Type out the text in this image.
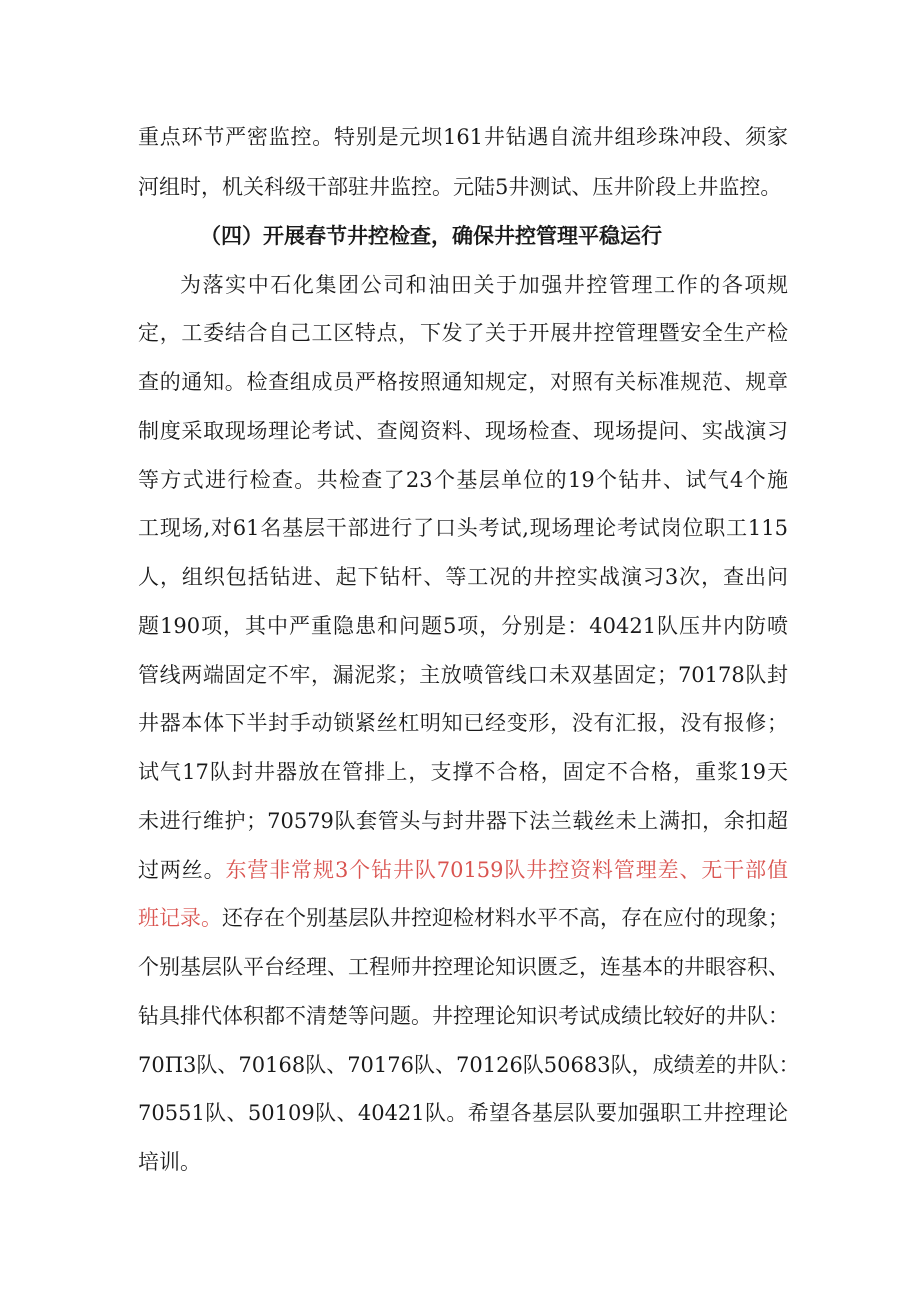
重点环节严密监控。特别是元坝161井钻遇自流井组珍珠冲段、须家
河组时，机关科级干部驻井监控。元陆5井测试、压井阶段上井监控。
（四）开展春节井控检查，确保井控管理平稳运行
为落实中石化集团公司和油田关于加强井控管理工作的各项规
定，工委结合自己工区特点，下发了关于开展井控管理暨安全生产检
查的通知。检查组成员严格按照通知规定，对照有关标准规范、规章
制度采取现场理论考试、查阅资料、现场检查、现场提问、实战演习
等方式进行检查。共检查了23个基层单位的19个钻井、试气4个施
工现场,对61名基层干部进行了口头考试,现场理论考试岗位职工115
人，组织包括钻进、起下钻杆、等工况的井控实战演习3次，查出问
题190项，其中严重隐患和问题5项，分别是：40421队压井内防喷
管线两端固定不牢，漏泥浆；主放喷管线口未双基固定；70178队封
井器本体下半封手动锁紧丝杠明知已经变形，没有汇报，没有报修；
试气17队封井器放在管排上，支撑不合格，固定不合格，重浆19天
未进行维护；70579队套管头与封井器下法兰载丝未上满扣，余扣超
过两丝。东营非常规3个钻井队70159队井控资料管理差、无干部值
班记录。还存在个别基层队井控迎检材料水平不高，存在应付的现象；
个别基层队平台经理、工程师井控理论知识匮乏，连基本的井眼容积、
钻具排代体积都不清楚等问题。井控理论知识考试成绩比较好的井队：
70П3队、70168队、70176队、70126队50683队，成绩差的井队：
70551队、50109队、40421队。希望各基层队要加强职工井控理论
培训。
